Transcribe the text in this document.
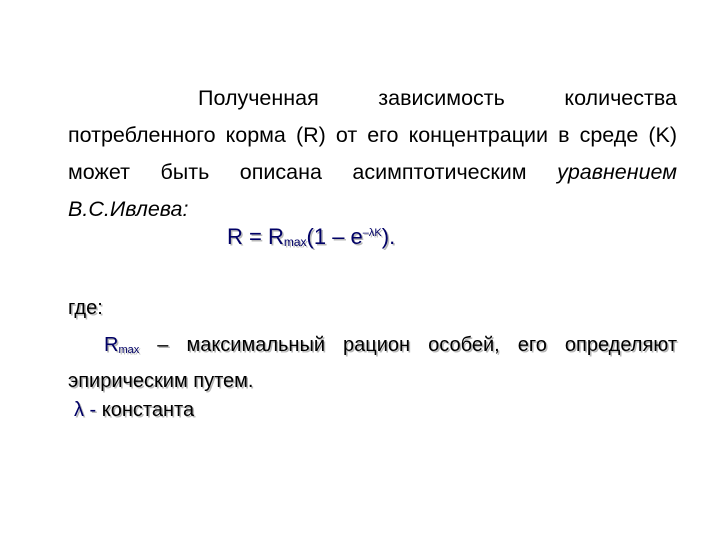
Полученная зависимость количества потребленного корма (R) от его концентрации в среде (K) может быть описана асимптотическим уравнением В.С.Ивлева:
$R = Rmax(1 - e^{-\lambda K})$.
где:
Rmax – максимальный рацион особей, его определяют эпирическим путем.
λ - константа
